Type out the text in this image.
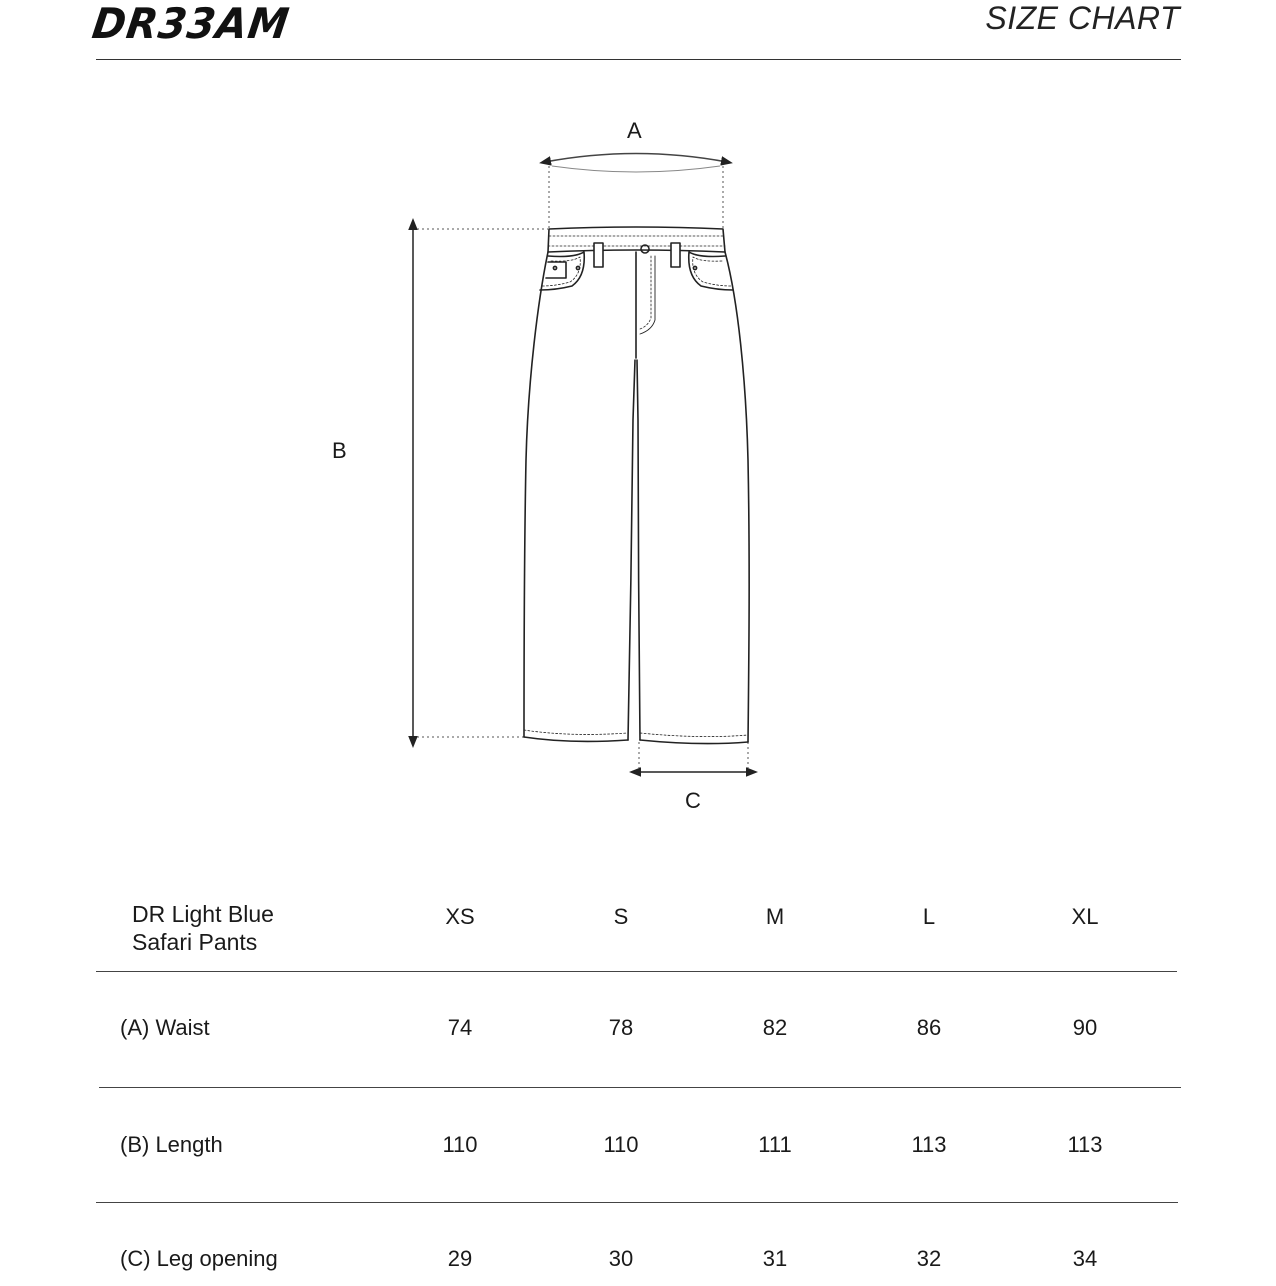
DR33AM	SIZE CHART
A
B
C
DR Light Blue
Safari Pants
XS	S	M	L	XL
(A) Waist	74	78	82	86	90
(B) Length	110	110	111	113	113
(C) Leg opening	29	30	31	32	34
